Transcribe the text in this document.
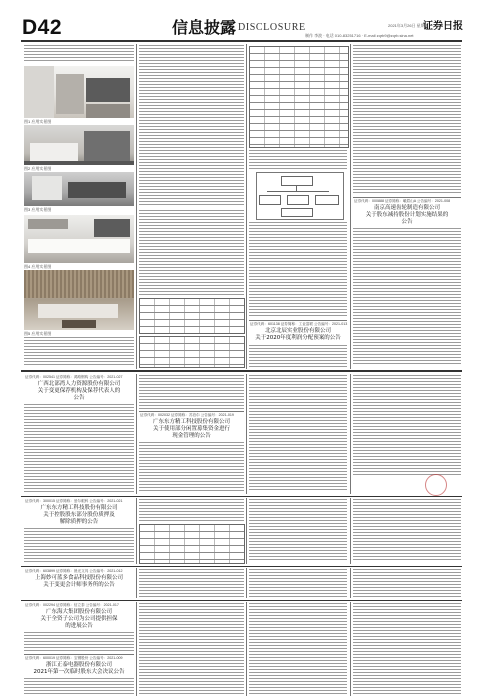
D42	信息披露 DISCLOSURE	证券日报
2021年3月26日 星期五
制作 李波 · 电话 010-83251716 · E-mail zqrb9@zqrb.sina.net
图1 应用实景图
图2 应用实景图
图3 应用实景图
图4 应用实景图
图5 应用实景图
证券代码：601138 证券简称：工业富联 公告编号：2021-013
北京北辰实业股份有限公司
关于2020年度利润分配预案的公告
证券代码：000888 证券简称：峨眉山A 公告编号：2021-008
南京高速齿轮制造有限公司
关于股东减持股份计划实施结果的
公告
证券代码：002541 证券简称：鸿路钢构 公告编号：2021-027
广西北部湾人力资源股份有限公司
关于变更保荐机构及保荐代表人的
公告
证券代码：002032 证券简称：苏泊尔 公告编号：2021-019
广东东方精工科技股份有限公司
关于使用部分闲置募集资金进行
现金管理的公告
证券代码：300015 证券简称：爱尔眼科 公告编号：2021-021
广东东方精工科技股份有限公司
关于控股股东部分股份质押及
解除质押的公告
证券代码：603899 证券简称：晨光文具 公告编号：2021-012
上海妙可蓝多食品科技股份有限公司
关于变更会计师事务所的公告
证券代码：002294 证券简称：信立泰 公告编号：2021-017
广东海大集团股份有限公司
关于全资子公司为公司提供担保
的进展公告
证券代码：600019 证券简称：宝钢股份 公告编号：2021-009
浙江正泰电器股份有限公司
2021年第一次临时股东大会决议公告
